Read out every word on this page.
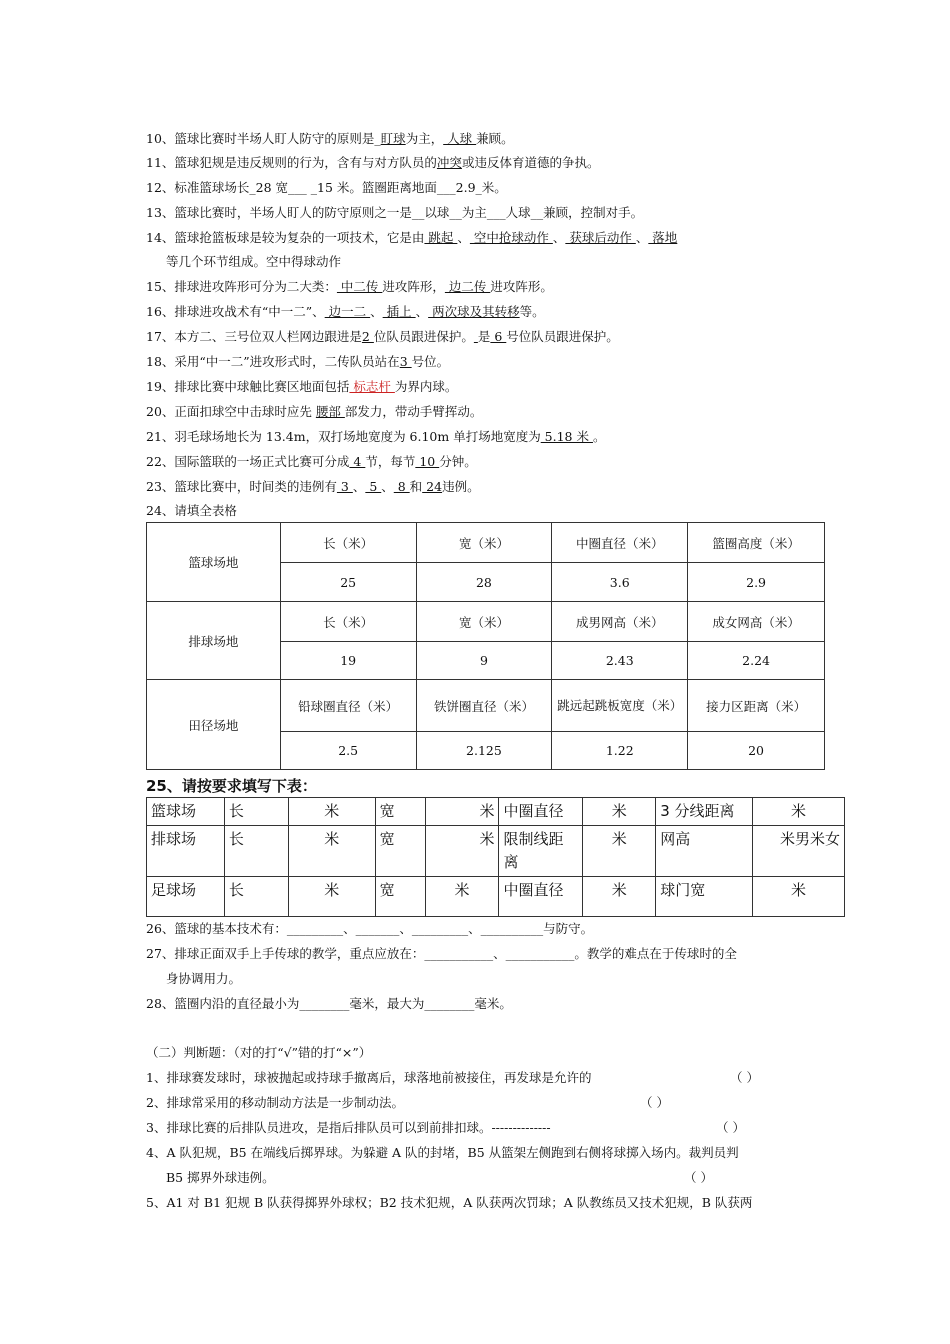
10、篮球比赛时半场人盯人防守的原则是_盯球为主， 人球 兼顾。
11、篮球犯规是违反规则的行为，含有与对方队员的冲突或违反体育道德的争执。
12、标准篮球场长_28 宽___ _15 米。篮圈距离地面___2.9_米。
13、篮球比赛时，半场人盯人的防守原则之一是__以球__为主___人球__兼顾，控制对手。
14、篮球抢篮板球是较为复杂的一项技术，它是由 跳起 、 空中抢球动作 、 获球后动作 、 落地
等几个环节组成。空中得球动作
15、排球进攻阵形可分为二大类： 中二传 进攻阵形， 边二传 进攻阵形。
16、排球进攻战术有“中一二”、 边一二 、 插上 、 两次球及其转移等。
17、本方二、三号位双人栏网边跟进是2 位队员跟进保护。 是 6 号位队员跟进保护。
18、采用“中一二”进攻形式时，二传队员站在3 号位。
19、排球比赛中球触比赛区地面包括 标志杆 为界内球。
20、正面扣球空中击球时应先 腰部 部发力，带动手臂挥动。
21、羽毛球场地长为 13.4m，双打场地宽度为 6.10m 单打场地宽度为 5.18 米 。
22、国际篮联的一场正式比赛可分成 4 节，每节 10 分钟。
23、篮球比赛中，时间类的违例有 3 、 5 、 8 和 24违例。
24、请填全表格
篮球场地	长（米）	宽（米）	中圈直径（米）	篮圈高度（米）
	25	28	3.6	2.9
排球场地	长（米）	宽（米）	成男网高（米）	成女网高（米）
	19	9	2.43	2.24
田径场地	铅球圈直径（米）	铁饼圈直径（米）	跳远起跳板宽度（米）	接力区距离（米）
	2.5	2.125	1.22	20
25、请按要求填写下表：
篮球场	长	米	宽	米	中圈直径	米	3 分线距离	米
排球场	长	米	宽	米	限制线距离	米	网高	米男米女
足球场	长	米	宽	米	中圈直径	米	球门宽	米
26、篮球的基本技术有：_________、_______、_________、__________与防守。
27、排球正面双手上手传球的教学，重点应放在：___________、___________。教学的难点在于传球时的全
身协调用力。
28、篮圈内沿的直径最小为________毫米，最大为________毫米。
（二）判断题：（对的打“√”错的打“×”）
1、排球赛发球时，球被抛起或持球手撤离后，球落地前被接住，再发球是允许的	（ ）
2、排球常采用的移动制动方法是一步制动法。	（ ）
3、排球比赛的后排队员进攻，是指后排队员可以到前排扣球。--------------	（ ）
4、A 队犯规，B5 在端线后掷界球。为躲避 A 队的封堵，B5 从篮架左侧跑到右侧将球掷入场内。裁判员判
B5 掷界外球违例。	（ ）
5、A1 对 B1 犯规 B 队获得掷界外球权；B2 技术犯规，A 队获两次罚球；A 队教练员又技术犯规，B 队获两
